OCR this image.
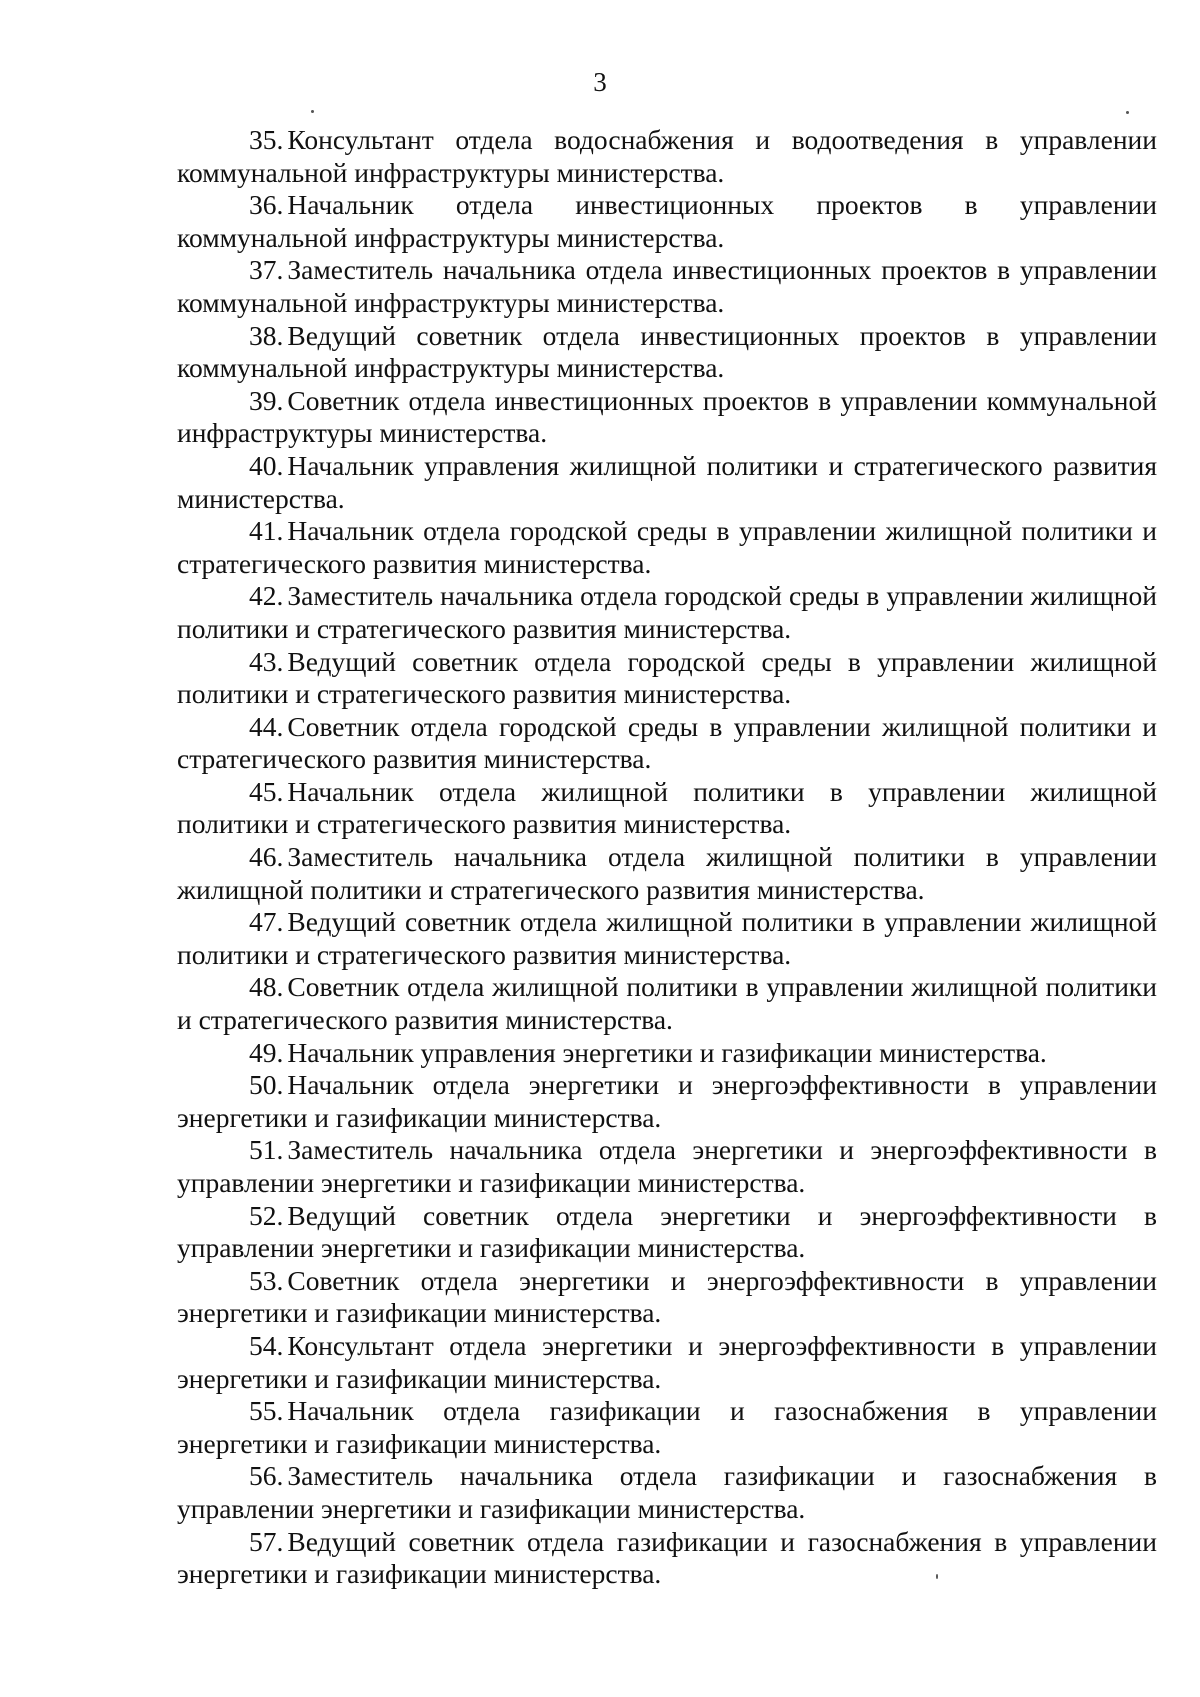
3

35. Консультант отдела водоснабжения и водоотведения в управлении коммунальной инфраструктуры министерства.

36. Начальник отдела инвестиционных проектов в управлении коммунальной инфраструктуры министерства.

37. Заместитель начальника отдела инвестиционных проектов в управлении коммунальной инфраструктуры министерства.

38. Ведущий советник отдела инвестиционных проектов в управлении коммунальной инфраструктуры министерства.

39. Советник отдела инвестиционных проектов в управлении коммунальной инфраструктуры министерства.

40. Начальник управления жилищной политики и стратегического развития министерства.

41. Начальник отдела городской среды в управлении жилищной политики и стратегического развития министерства.

42. Заместитель начальника отдела городской среды в управлении жилищной политики и стратегического развития министерства.

43. Ведущий советник отдела городской среды в управлении жилищной политики и стратегического развития министерства.

44. Советник отдела городской среды в управлении жилищной политики и стратегического развития министерства.

45. Начальник отдела жилищной политики в управлении жилищной политики и стратегического развития министерства.

46. Заместитель начальника отдела жилищной политики в управлении жилищной политики и стратегического развития министерства.

47. Ведущий советник отдела жилищной политики в управлении жилищной политики и стратегического развития министерства.

48. Советник отдела жилищной политики в управлении жилищной политики и стратегического развития министерства.

49. Начальник управления энергетики и газификации министерства.

50. Начальник отдела энергетики и энергоэффективности в управлении энергетики и газификации министерства.

51. Заместитель начальника отдела энергетики и энергоэффективности в управлении энергетики и газификации министерства.

52. Ведущий советник отдела энергетики и энергоэффективности в управлении энергетики и газификации министерства.

53. Советник отдела энергетики и энергоэффективности в управлении энергетики и газификации министерства.

54. Консультант отдела энергетики и энергоэффективности в управлении энергетики и газификации министерства.

55. Начальник отдела газификации и газоснабжения в управлении энергетики и газификации министерства.

56. Заместитель начальника отдела газификации и газоснабжения в управлении энергетики и газификации министерства.

57. Ведущий советник отдела газификации и газоснабжения в управлении энергетики и газификации министерства.
